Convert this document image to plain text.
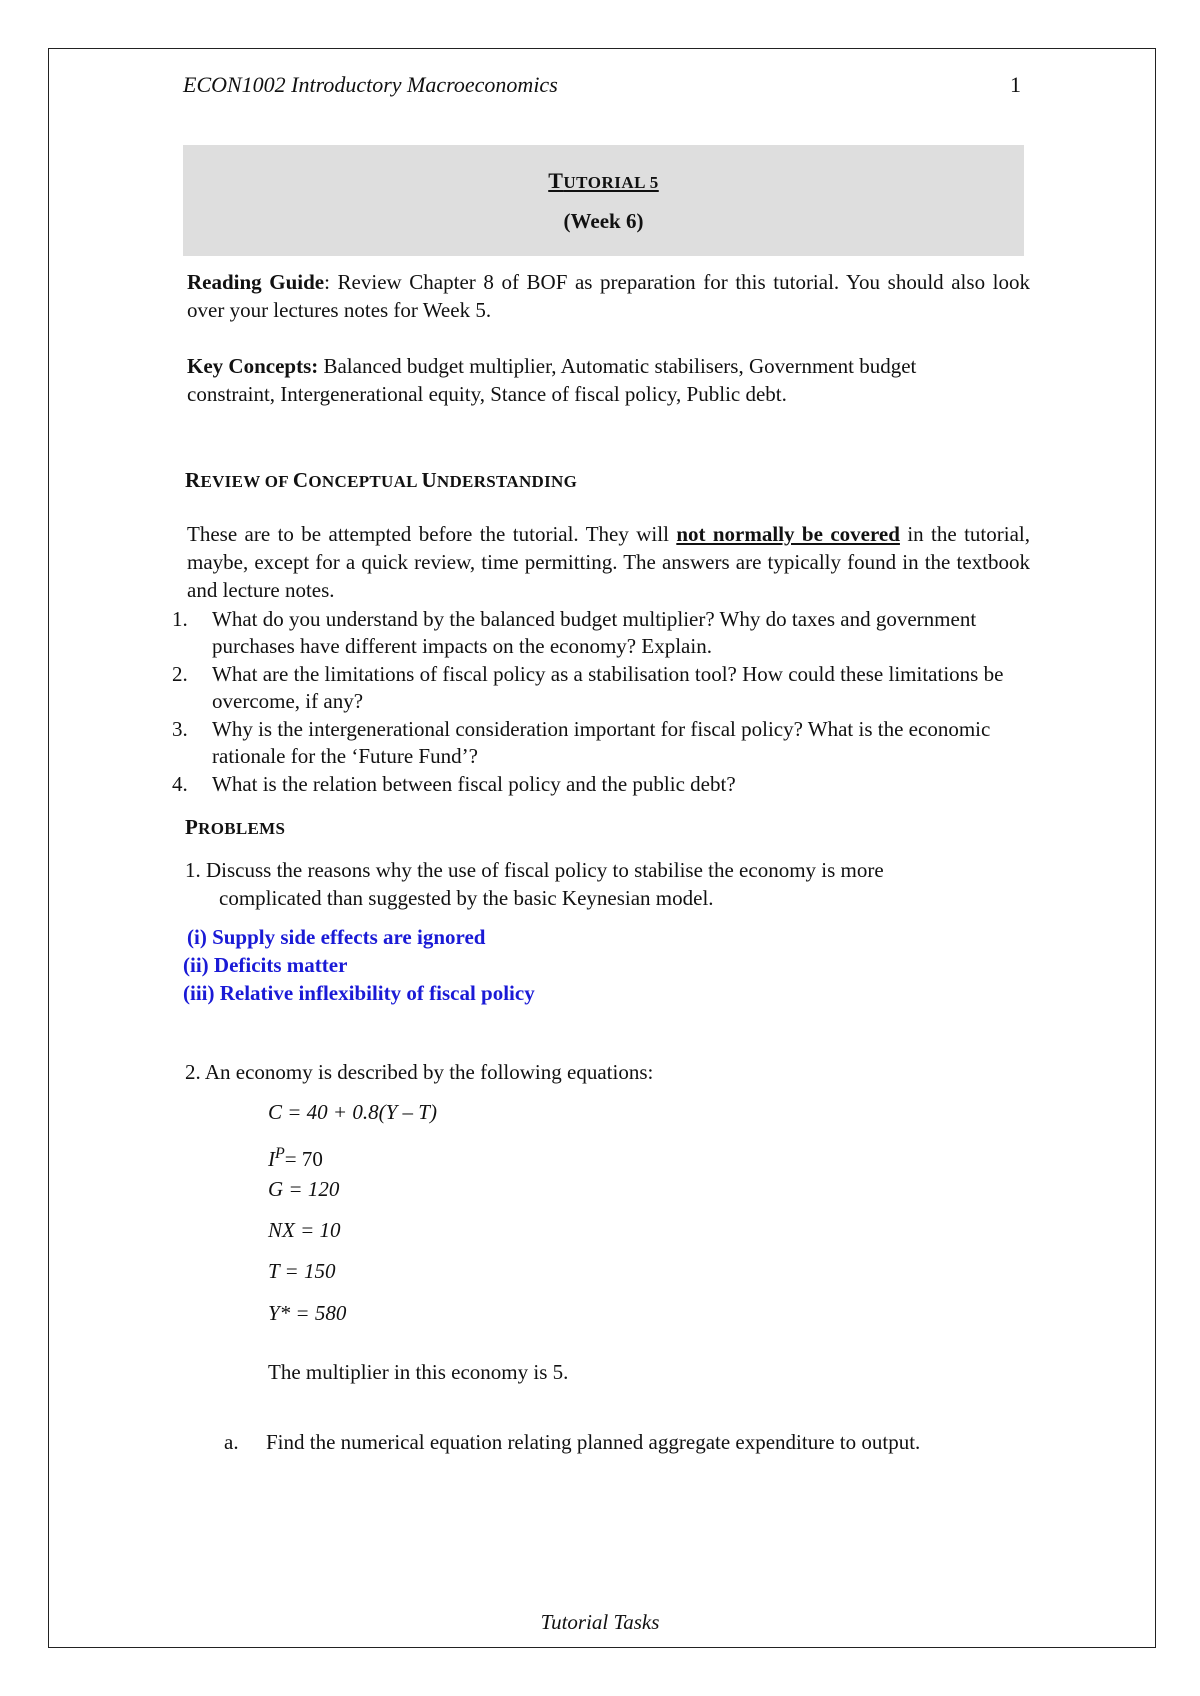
ECON1002 Introductory Macroeconomics	1
TUTORIAL 5
(Week 6)
Reading Guide: Review Chapter 8 of BOF as preparation for this tutorial. You should also look over your lectures notes for Week 5.
Key Concepts: Balanced budget multiplier, Automatic stabilisers, Government budget constraint, Intergenerational equity, Stance of fiscal policy, Public debt.
REVIEW OF CONCEPTUAL UNDERSTANDING
These are to be attempted before the tutorial. They will not normally be covered in the tutorial, maybe, except for a quick review, time permitting. The answers are typically found in the textbook and lecture notes.
1. What do you understand by the balanced budget multiplier? Why do taxes and government purchases have different impacts on the economy? Explain.
2. What are the limitations of fiscal policy as a stabilisation tool? How could these limitations be overcome, if any?
3. Why is the intergenerational consideration important for fiscal policy? What is the economic rationale for the ‘Future Fund’?
4. What is the relation between fiscal policy and the public debt?
PROBLEMS
1. Discuss the reasons why the use of fiscal policy to stabilise the economy is more
complicated than suggested by the basic Keynesian model.
(i) Supply side effects are ignored
(ii) Deficits matter
(iii) Relative inflexibility of fiscal policy
2. An economy is described by the following equations:
C = 40 + 0.8(Y – T)
$I^P= 70$
G = 120
NX = 10
T = 150
Y* = 580
The multiplier in this economy is 5.
a. Find the numerical equation relating planned aggregate expenditure to output.
Tutorial Tasks
